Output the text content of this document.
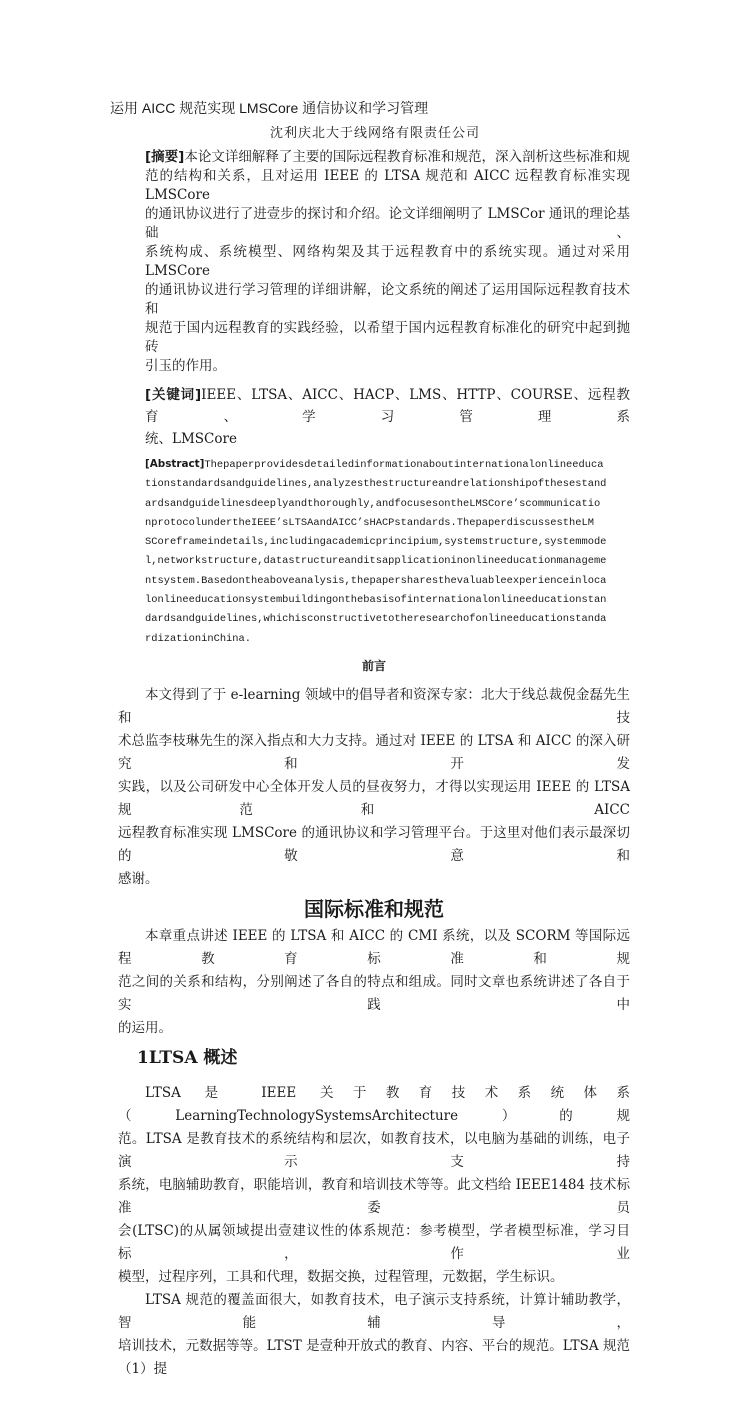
运用 AICC 规范实现 LMSCore 通信协议和学习管理
沈利庆北大于线网络有限责任公司
[摘要]本论文详细解释了主要的国际远程教育标准和规范，深入剖析这些标准和规
范的结构和关系，且对运用 IEEE 的 LTSA 规范和 AICC 远程教育标准实现 LMSCore
的通讯协议进行了进壹步的探讨和介绍。论文详细阐明了 LMSCor 通讯的理论基础、
系统构成、系统模型、网络构架及其于远程教育中的系统实现。通过对采用 LMSCore
的通讯协议进行学习管理的详细讲解，论文系统的阐述了运用国际远程教育技术和
规范于国内远程教育的实践经验，以希望于国内远程教育标准化的研究中起到抛砖
引玉的作用。
[关键词]IEEE、LTSA、AICC、HACP、LMS、HTTP、COURSE、远程教育、学习管理系
统、LMSCore
[Abstract]Thepaperprovidesdetailedinformationaboutinternationalonlineeduca
tionstandardsandguidelines,analyzesthestructureandrelationshipofthesestand
ardsandguidelinesdeeplyandthoroughly,andfocusesontheLMSCore’scommunicatio
nprotocolundertheIEEE’sLTSAandAICC’sHACPstandards.ThepaperdiscussestheLM
SCoreframeindetails,includingacademicprincipium,systemstructure,systemmode
l,networkstructure,datastructureanditsapplicationinonlineeducationmanageme
ntsystem.Basedontheaboveanalysis,thepapersharesthevaluableexperienceinloca
lonlineeducationsystembuildingonthebasisofinternationalonlineeducationstan
dardsandguidelines,whichisconstructivetotheresearchofonlineeducationstanda
rdizationinChina.
前言
本文得到了于 e-learning 领域中的倡导者和资深专家：北大于线总裁倪金磊先生和技
术总监李枝琳先生的深入指点和大力支持。通过对 IEEE 的 LTSA 和 AICC 的深入研究和开发
实践，以及公司研发中心全体开发人员的昼夜努力，才得以实现运用 IEEE 的 LTSA 规范和 AICC
远程教育标准实现 LMSCore 的通讯协议和学习管理平台。于这里对他们表示最深切的敬意和
感谢。
国际标准和规范
本章重点讲述 IEEE 的 LTSA 和 AICC 的 CMI 系统，以及 SCORM 等国际远程教育标准和规
范之间的关系和结构，分别阐述了各自的特点和组成。同时文章也系统讲述了各自于实践中
的运用。
1LTSA 概述
LTSA 是 IEEE 关于教育技术系统体系（LearningTechnologySystemsArchitecture）的规
范。LTSA 是教育技术的系统结构和层次，如教育技术，以电脑为基础的训练，电子演示支持
系统，电脑辅助教育，职能培训，教育和培训技术等等。此文档给 IEEE1484 技术标准委员
会(LTSC)的从属领域提出壹建议性的体系规范：参考模型，学者模型标准，学习目标，作业
模型，过程序列，工具和代理，数据交换，过程管理，元数据，学生标识。
LTSA 规范的覆盖面很大，如教育技术，电子演示支持系统，计算计辅助教学，智能辅导，
培训技术，元数据等等。LTST 是壹种开放式的教育、内容、平台的规范。LTSA 规范（1）提
